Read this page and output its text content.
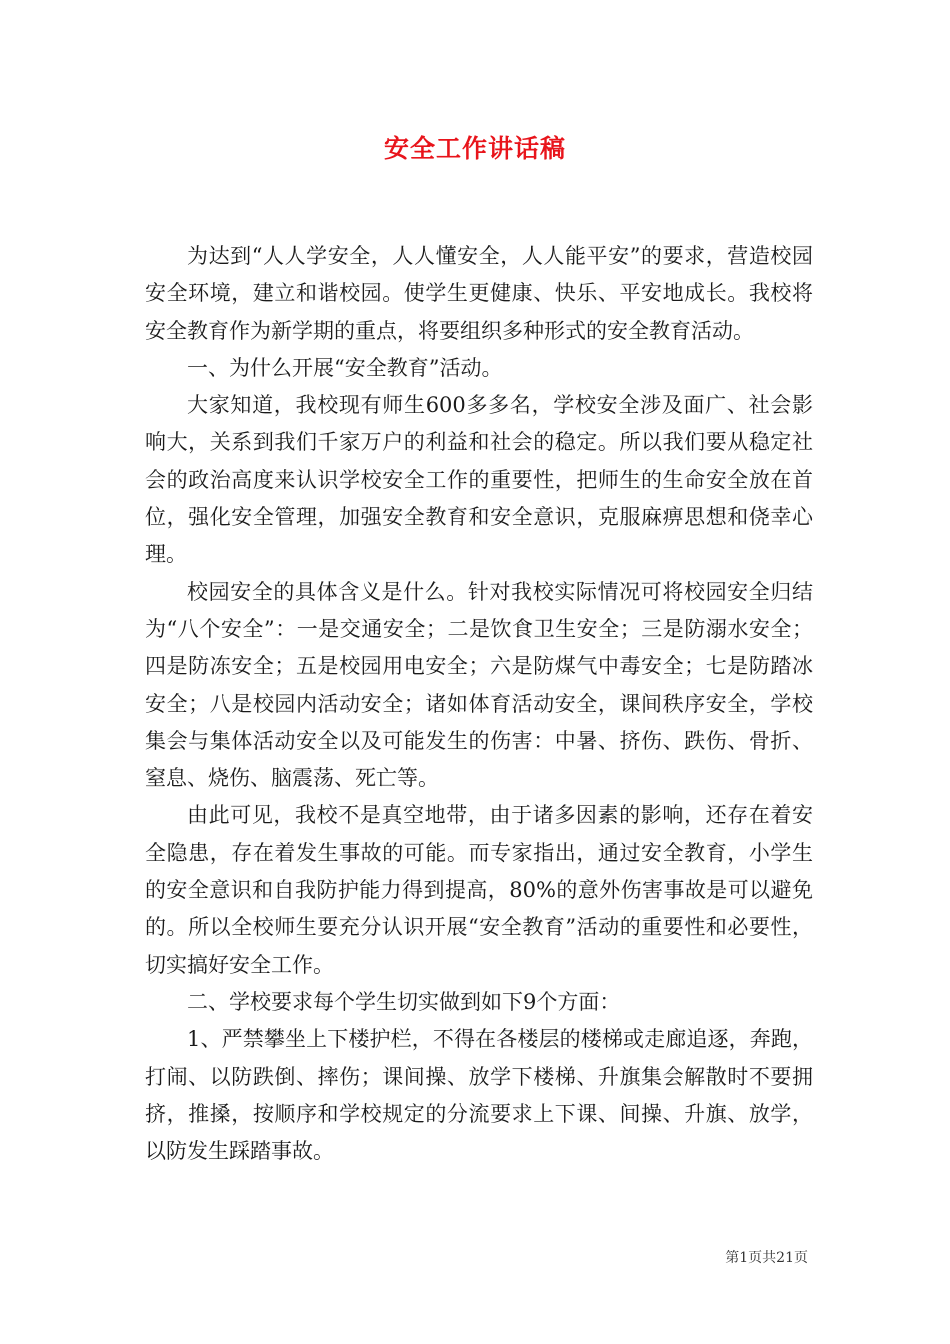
安全工作讲话稿

为达到“人人学安全，人人懂安全，人人能平安”的要求，营造校园安全环境，建立和谐校园。使学生更健康、快乐、平安地成长。我校将安全教育作为新学期的重点，将要组织多种形式的安全教育活动。

一、为什么开展“安全教育”活动。

大家知道，我校现有师生600多多名，学校安全涉及面广、社会影响大，关系到我们千家万户的利益和社会的稳定。所以我们要从稳定社会的政治高度来认识学校安全工作的重要性，把师生的生命安全放在首位，强化安全管理，加强安全教育和安全意识，克服麻痹思想和侥幸心理。

校园安全的具体含义是什么。针对我校实际情况可将校园安全归结为“八个安全”：一是交通安全；二是饮食卫生安全；三是防溺水安全；四是防冻安全；五是校园用电安全；六是防煤气中毒安全；七是防踏冰安全；八是校园内活动安全；诸如体育活动安全，课间秩序安全，学校集会与集体活动安全以及可能发生的伤害：中暑、挤伤、跌伤、骨折、窒息、烧伤、脑震荡、死亡等。

由此可见，我校不是真空地带，由于诸多因素的影响，还存在着安全隐患，存在着发生事故的可能。而专家指出，通过安全教育，小学生的安全意识和自我防护能力得到提高，80%的意外伤害事故是可以避免的。所以全校师生要充分认识开展“安全教育”活动的重要性和必要性，切实搞好安全工作。

二、学校要求每个学生切实做到如下9个方面：

1、严禁攀坐上下楼护栏，不得在各楼层的楼梯或走廊追逐，奔跑，打闹、以防跌倒、摔伤；课间操、放学下楼梯、升旗集会解散时不要拥挤，推搡，按顺序和学校规定的分流要求上下课、间操、升旗、放学，以防发生踩踏事故。

第1页共21页
